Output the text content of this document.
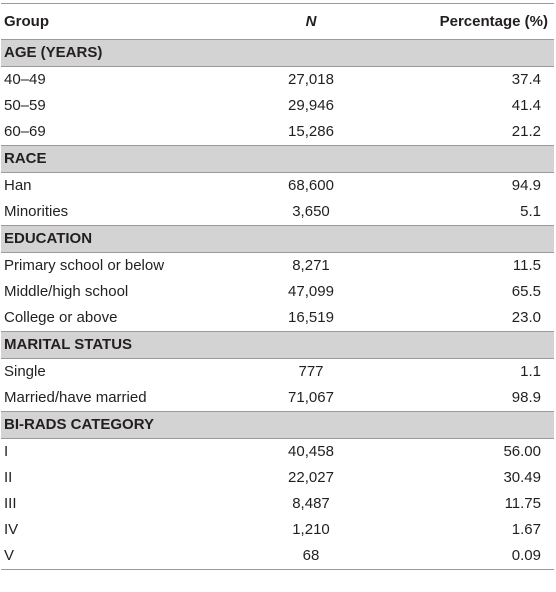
Group	N	Percentage (%)
AGE (YEARS)		
40–49	27,018	37.4
50–59	29,946	41.4
60–69	15,286	21.2
RACE		
Han	68,600	94.9
Minorities	3,650	5.1
EDUCATION		
Primary school or below	8,271	11.5
Middle/high school	47,099	65.5
College or above	16,519	23.0
MARITAL STATUS		
Single	777	1.1
Married/have married	71,067	98.9
BI-RADS CATEGORY		
I	40,458	56.00
II	22,027	30.49
III	8,487	11.75
IV	1,210	1.67
V	68	0.09
